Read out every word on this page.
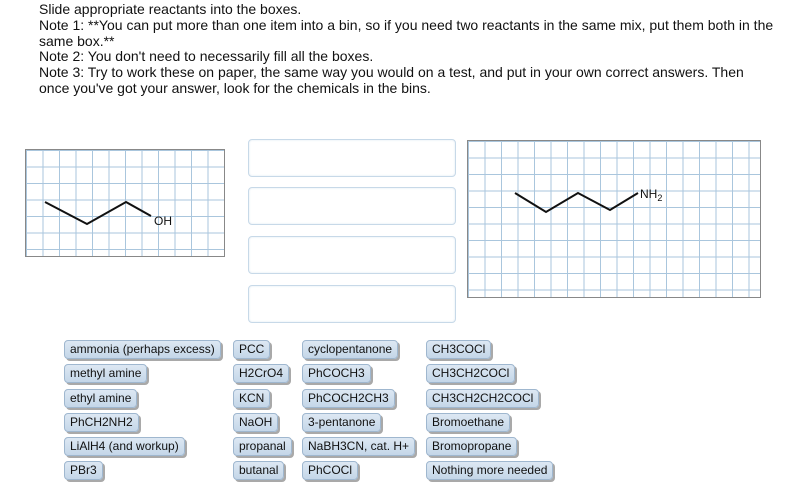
Slide appropriate reactants into the boxes.
Note 1: **You can put more than one item into a bin, so if you need two reactants in the same mix, put them both in the same box.**
Note 2: You don't need to necessarily fill all the boxes.
Note 3: Try to work these on paper, the same way you would on a test, and put in your own correct answers. Then once you've got your answer, look for the chemicals in the bins.
OH
$NH_2$
ammonia (perhaps excess)
methyl amine
ethyl amine
PhCH2NH2
LiAlH4 (and workup)
PBr3
PCC
H2CrO4
KCN
NaOH
propanal
butanal
cyclopentanone
PhCOCH3
PhCOCH2CH3
3-pentanone
NaBH3CN, cat. H+
PhCOCl
CH3COCl
CH3CH2COCl
CH3CH2CH2COCl
Bromoethane
Bromopropane
Nothing more needed
